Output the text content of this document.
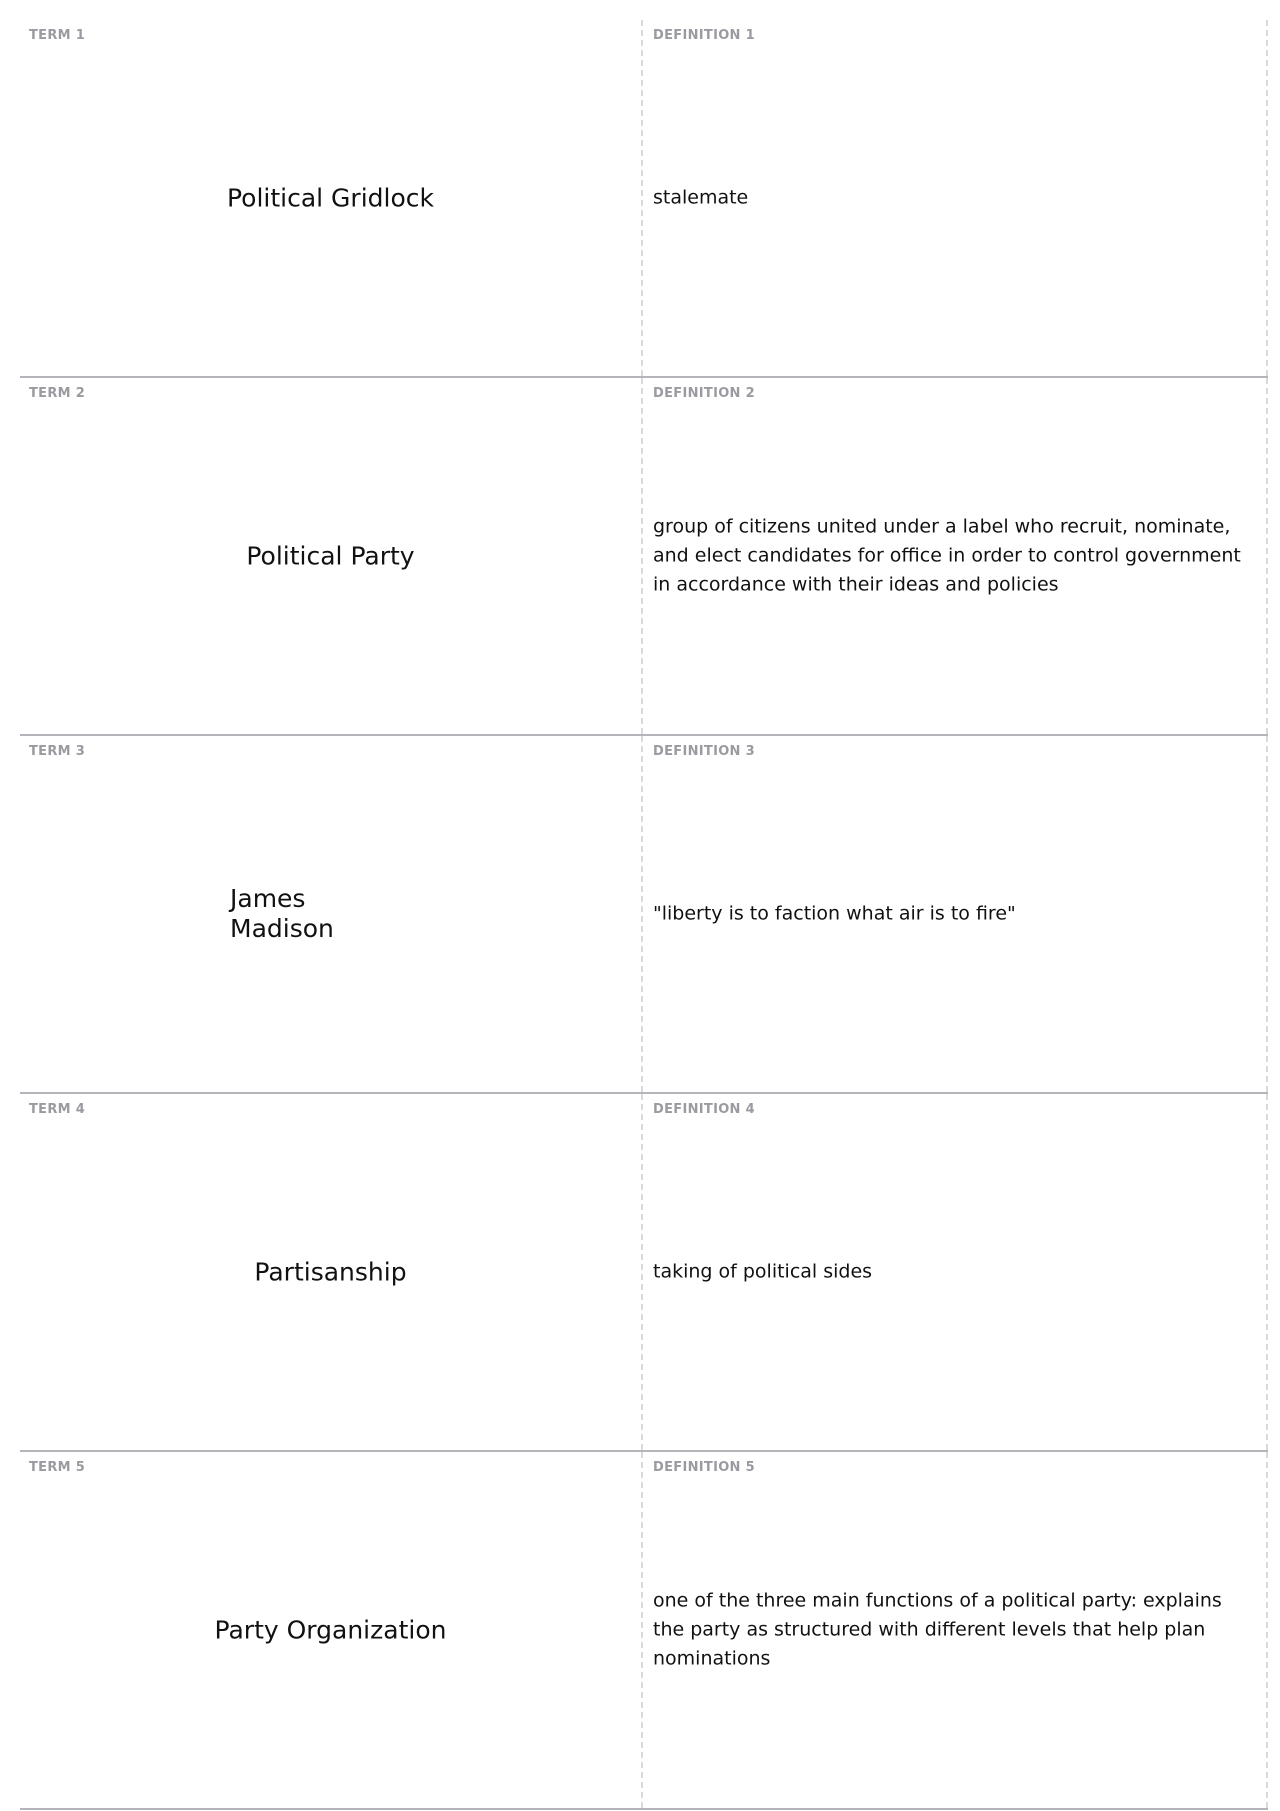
TERM 1
Political Gridlock
DEFINITION 1
stalemate
TERM 2
Political Party
DEFINITION 2
group of citizens united under a label who recruit, nominate, and elect candidates for office in order to control government in accordance with their ideas and policies
TERM 3
James Madison
DEFINITION 3
"liberty is to faction what air is to fire"
TERM 4
Partisanship
DEFINITION 4
taking of political sides
TERM 5
Party Organization
DEFINITION 5
one of the three main functions of a political party: explains the party as structured with different levels that help plan nominations
